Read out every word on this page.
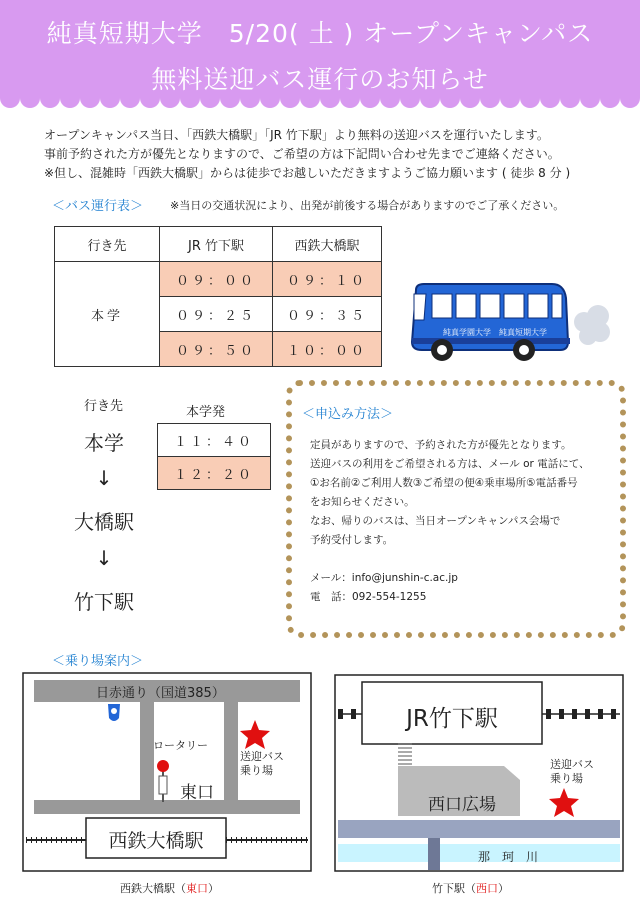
純真短期大学　5/20( 土 ) オープンキャンパス
無料送迎バス運行のお知らせ
オープンキャンパス当日、「西鉄大橋駅」「JR 竹下駅」より無料の送迎バスを運行いたします。
事前予約された方が優先となりますので、ご希望の方は下記問い合わせ先までご連絡ください。
※但し、混雑時「西鉄大橋駅」からは徒歩でお越しいただきますようご協力願います ( 徒歩 8 分 )
＜バス運行表＞ ※当日の交通状況により、出発が前後する場合がありますのでご了承ください。
行き先	JR 竹下駅	西鉄大橋駅
本学	０９：００	０９：１０
	０９：２５	０９：３５
	０９：５０	１０：００
純真学園大学　純真短期大学
行き先
本学
↓
大橋駅
↓
竹下駅
本学発
１１：４０
１２：２０
＜申込み方法＞
定員がありますので、予約された方が優先となります。
送迎バスの利用をご希望される方は、メール or 電話にて、
①お名前②ご利用人数③ご希望の便④乗車場所⑤電話番号
をお知らせください。
なお、帰りのバスは、当日オープンキャンパス会場で
予約受付します。
メール：info@junshin-c.ac.jp
電　話：092-554-1255
＜乗り場案内＞
日赤通り（国道385）
ロータリー
東口
送迎バス
乗り場
西鉄大橋駅
西鉄大橋駅（東口）
JR竹下駅
西口広場
送迎バス
乗り場
那　珂　川
竹下駅（西口）
